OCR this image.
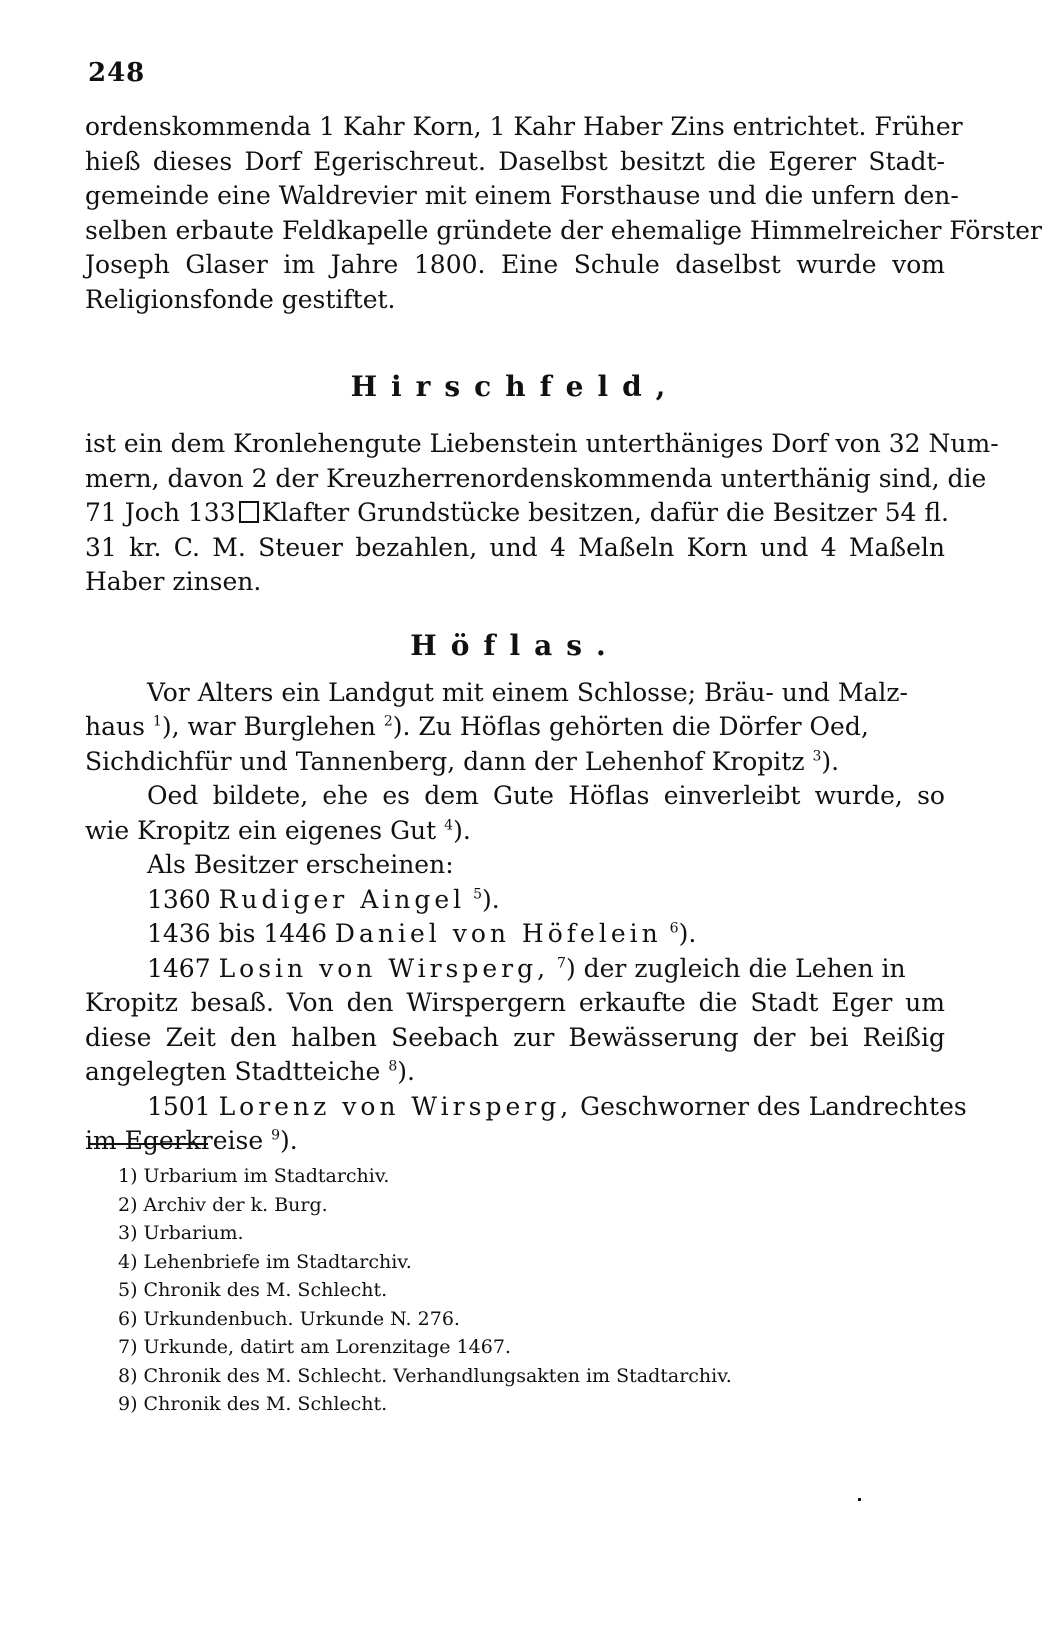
248
ordenskommenda 1 Kahr Korn, 1 Kahr Haber Zins entrichtet. Früher
hieß dieses Dorf Egerischreut. Daselbst besitzt die Egerer Stadt-
gemeinde eine Waldrevier mit einem Forsthause und die unfern den-
selben erbaute Feldkapelle gründete der ehemalige Himmelreicher Förster
Joseph Glaser im Jahre 1800. Eine Schule daselbst wurde vom
Religionsfonde gestiftet.
Hirschfeld,
ist ein dem Kronlehengute Liebenstein unterthäniges Dorf von 32 Num-
mern, davon 2 der Kreuzherrenordenskommenda unterthänig sind, die
71 Joch 133 Klafter Grundstücke besitzen, dafür die Besitzer 54 fl.
31 kr. C. M. Steuer bezahlen, und 4 Maßeln Korn und 4 Maßeln
Haber zinsen.
Höflas.
Vor Alters ein Landgut mit einem Schlosse; Bräu- und Malz-
haus $^1$), war Burglehen $^2$). Zu Höflas gehörten die Dörfer Oed,
Sichdichfür und Tannenberg, dann der Lehenhof Kropitz $^3$).
Oed bildete, ehe es dem Gute Höflas einverleibt wurde, so
wie Kropitz ein eigenes Gut $^4$).
Als Besitzer erscheinen:
1360 Rudiger Aingel $^5$).
1436 bis 1446 Daniel von Höfelein $^6$).
1467 Losin von Wirsperg, $^7$) der zugleich die Lehen in
Kropitz besaß. Von den Wirspergern erkaufte die Stadt Eger um
diese Zeit den halben Seebach zur Bewässerung der bei Reißig
angelegten Stadtteiche $^8$).
1501 Lorenz von Wirsperg, Geschworner des Landrechtes
im Egerkreise $^9$).
1) Urbarium im Stadtarchiv.
2) Archiv der k. Burg.
3) Urbarium.
4) Lehenbriefe im Stadtarchiv.
5) Chronik des M. Schlecht.
6) Urkundenbuch. Urkunde N. 276.
7) Urkunde, datirt am Lorenzitage 1467.
8) Chronik des M. Schlecht. Verhandlungsakten im Stadtarchiv.
9) Chronik des M. Schlecht.
